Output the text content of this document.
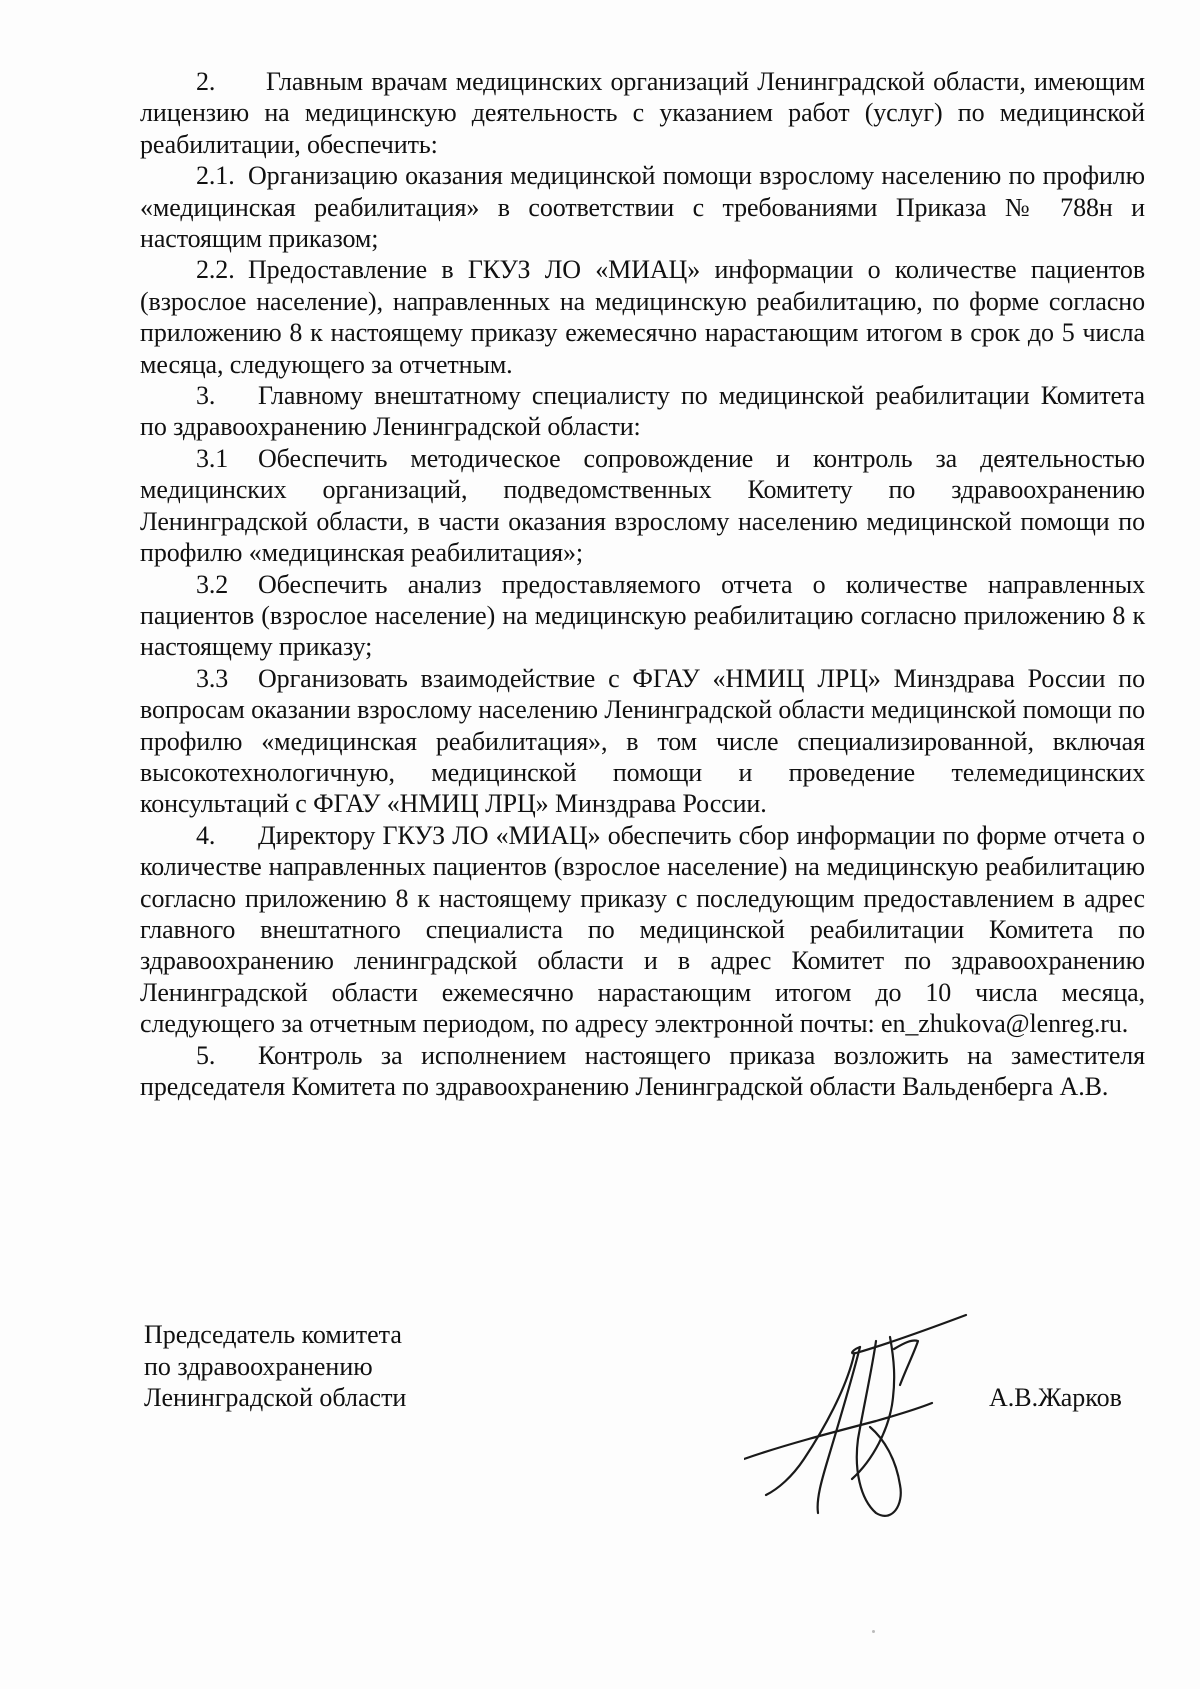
2. Главным врачам медицинских организаций Ленинградской области, имеющим лицензию на медицинскую деятельность с указанием работ (услуг) по медицинской реабилитации, обеспечить:

2.1. Организацию оказания медицинской помощи взрослому населению по профилю «медицинская реабилитация» в соответствии с требованиями Приказа № 788н и настоящим приказом;

2.2. Предоставление в ГКУЗ ЛО «МИАЦ» информации о количестве пациентов (взрослое население), направленных на медицинскую реабилитацию, по форме согласно приложению 8 к настоящему приказу ежемесячно нарастающим итогом в срок до 5 числа месяца, следующего за отчетным.

3. Главному внештатному специалисту по медицинской реабилитации Комитета по здравоохранению Ленинградской области:

3.1 Обеспечить методическое сопровождение и контроль за деятельностью медицинских организаций, подведомственных Комитету по здравоохранению Ленинградской области, в части оказания взрослому населению медицинской помощи по профилю «медицинская реабилитация»;

3.2 Обеспечить анализ предоставляемого отчета о количестве направленных пациентов (взрослое население) на медицинскую реабилитацию согласно приложению 8 к настоящему приказу;

3.3 Организовать взаимодействие с ФГАУ «НМИЦ ЛРЦ» Минздрава России по вопросам оказании взрослому населению Ленинградской области медицинской помощи по профилю «медицинская реабилитация», в том числе специализированной, включая высокотехнологичную, медицинской помощи и проведение телемедицинских консультаций с ФГАУ «НМИЦ ЛРЦ» Минздрава России.

4. Директору ГКУЗ ЛО «МИАЦ» обеспечить сбор информации по форме отчета о количестве направленных пациентов (взрослое население) на медицинскую реабилитацию согласно приложению 8 к настоящему приказу с последующим предоставлением в адрес главного внештатного специалиста по медицинской реабилитации Комитета по здравоохранению ленинградской области и в адрес Комитет по здравоохранению Ленинградской области ежемесячно нарастающим итогом до 10 числа месяца, следующего за отчетным периодом, по адресу электронной почты: en_zhukova@lenreg.ru.

5. Контроль за исполнением настоящего приказа возложить на заместителя председателя Комитета по здравоохранению Ленинградской области Вальденберга А.В.

Председатель комитета
по здравоохранению
Ленинградской области	А.В.Жарков
